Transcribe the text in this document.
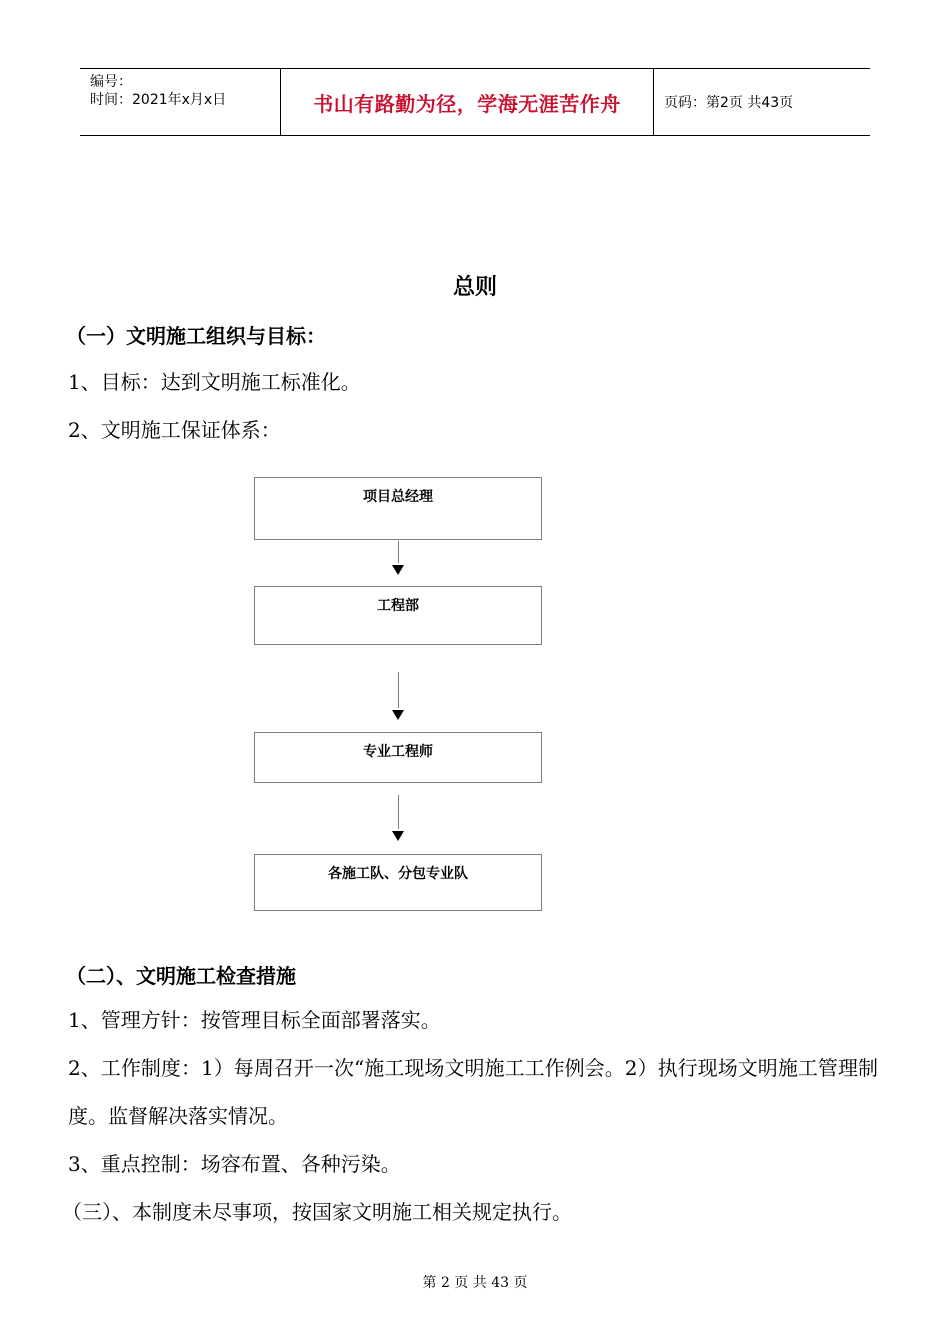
编号：
时间：2021年x月x日	书山有路勤为径，学海无涯苦作舟	页码：第2页 共43页
总则
（一）文明施工组织与目标：
1、目标：达到文明施工标准化。
2、文明施工保证体系：
项目总经理
工程部
专业工程师
各施工队、分包专业队
（二）、文明施工检查措施
1、管理方针：按管理目标全面部署落实。
2、工作制度：1）每周召开一次“施工现场文明施工工作例会。2）执行现场文明施工管理制度。监督解决落实情况。
3、重点控制：场容布置、各种污染。
（三）、本制度未尽事项，按国家文明施工相关规定执行。
第 2 页 共 43 页
